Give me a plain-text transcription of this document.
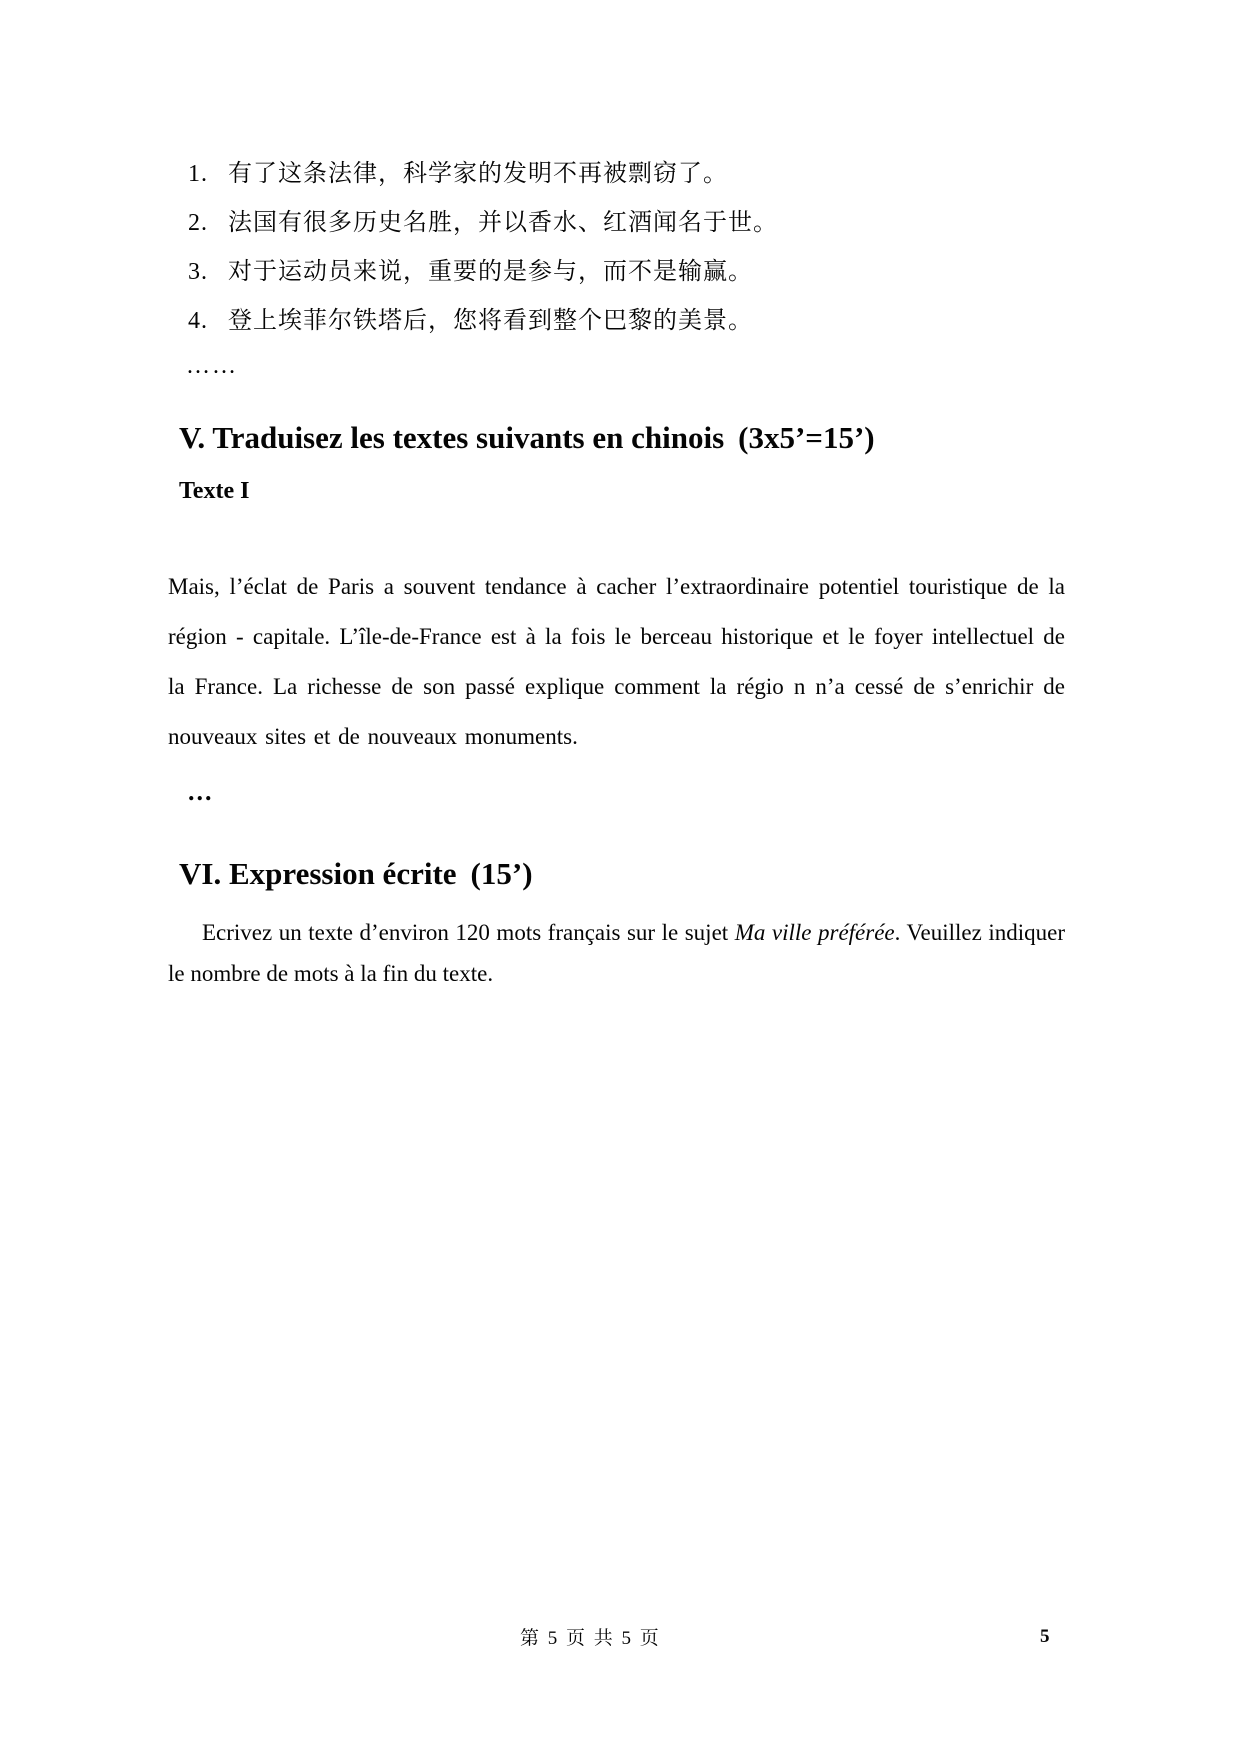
1. 有了这条法律，科学家的发明不再被剽窃了。
2. 法国有很多历史名胜，并以香水、红酒闻名于世。
3. 对于运动员来说，重要的是参与，而不是输赢。
4. 登上埃菲尔铁塔后，您将看到整个巴黎的美景。
……
V. Traduisez les textes suivants en chinois (3x5’=15’)
Texte I
Mais, l’éclat de Paris a souvent tendance à cacher l’extraordinaire potentiel touristique de la région - capitale. L’île-de-France est à la fois le berceau historique et le foyer intellectuel de la France. La richesse de son passé explique comment la régio n n’a cessé de s’enrichir de nouveaux sites et de nouveaux monuments.
...
VI. Expression écrite (15’)
Ecrivez un texte d’environ 120 mots français sur le sujet Ma ville préférée. Veuillez indiquer le nombre de mots à la fin du texte.
第 5 页 共 5 页	5
